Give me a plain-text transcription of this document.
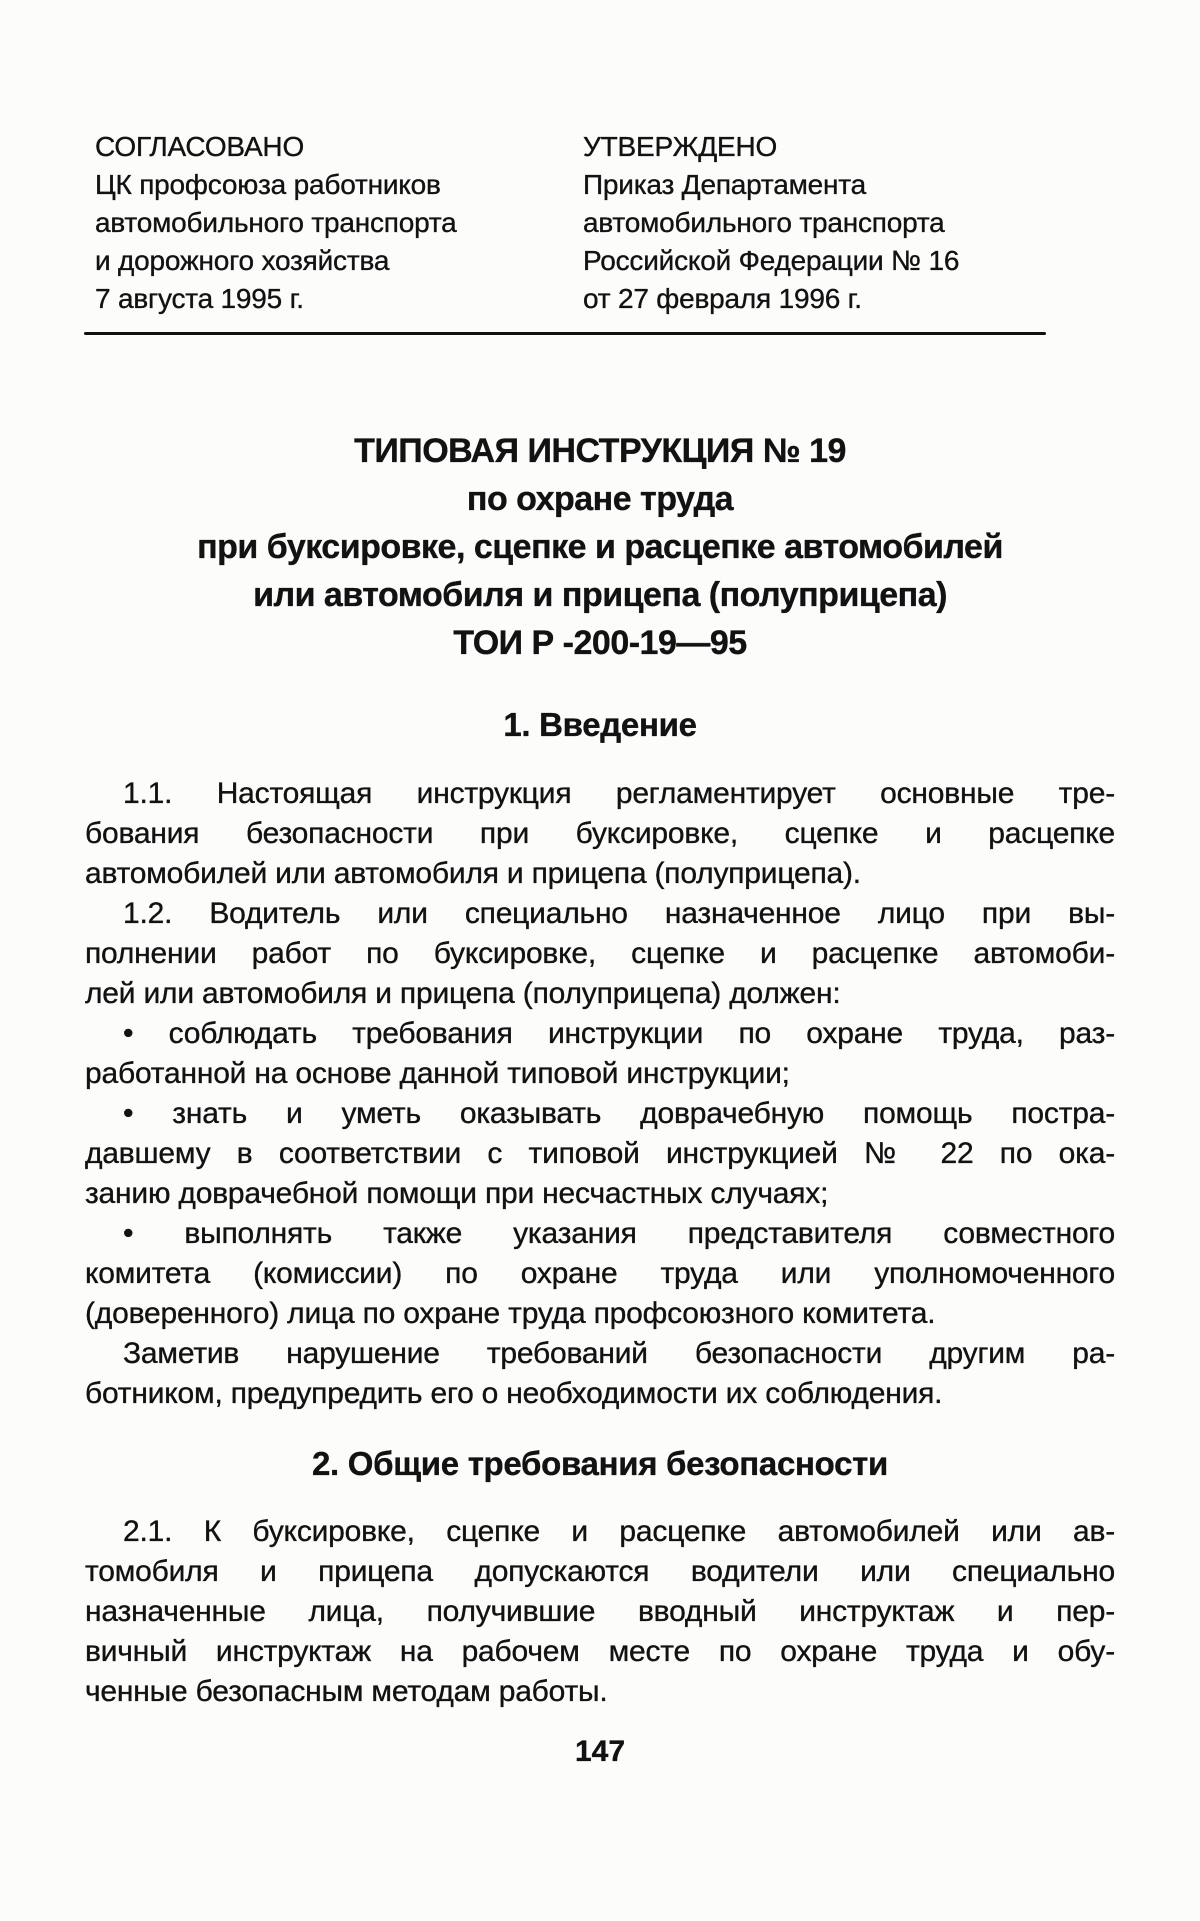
СОГЛАСОВАНО
ЦК профсоюза работников
автомобильного транспорта
и дорожного хозяйства
7 августа 1995 г.
УТВЕРЖДЕНО
Приказ Департамента
автомобильного транспорта
Российской Федерации № 16
от 27 февраля 1996 г.
ТИПОВАЯ ИНСТРУКЦИЯ № 19
по охране труда
при буксировке, сцепке и расцепке автомобилей
или автомобиля и прицепа (полуприцепа)
ТОИ Р -200-19—95
1. Введение
1.1. Настоящая инструкция регламентирует основные тре-
бования безопасности при буксировке, сцепке и расцепке
автомобилей или автомобиля и прицепа (полуприцепа).
1.2. Водитель или специально назначенное лицо при вы-
полнении работ по буксировке, сцепке и расцепке автомоби-
лей или автомобиля и прицепа (полуприцепа) должен:
• соблюдать требования инструкции по охране труда, раз-
работанной на основе данной типовой инструкции;
• знать и уметь оказывать доврачебную помощь постра-
давшему в соответствии с типовой инструкцией № 22 по ока-
занию доврачебной помощи при несчастных случаях;
• выполнять также указания представителя совместного
комитета (комиссии) по охране труда или уполномоченного
(доверенного) лица по охране труда профсоюзного комитета.
Заметив нарушение требований безопасности другим ра-
ботником, предупредить его о необходимости их соблюдения.
2. Общие требования безопасности
2.1. К буксировке, сцепке и расцепке автомобилей или ав-
томобиля и прицепа допускаются водители или специально
назначенные лица, получившие вводный инструктаж и пер-
вичный инструктаж на рабочем месте по охране труда и обу-
ченные безопасным методам работы.
147
